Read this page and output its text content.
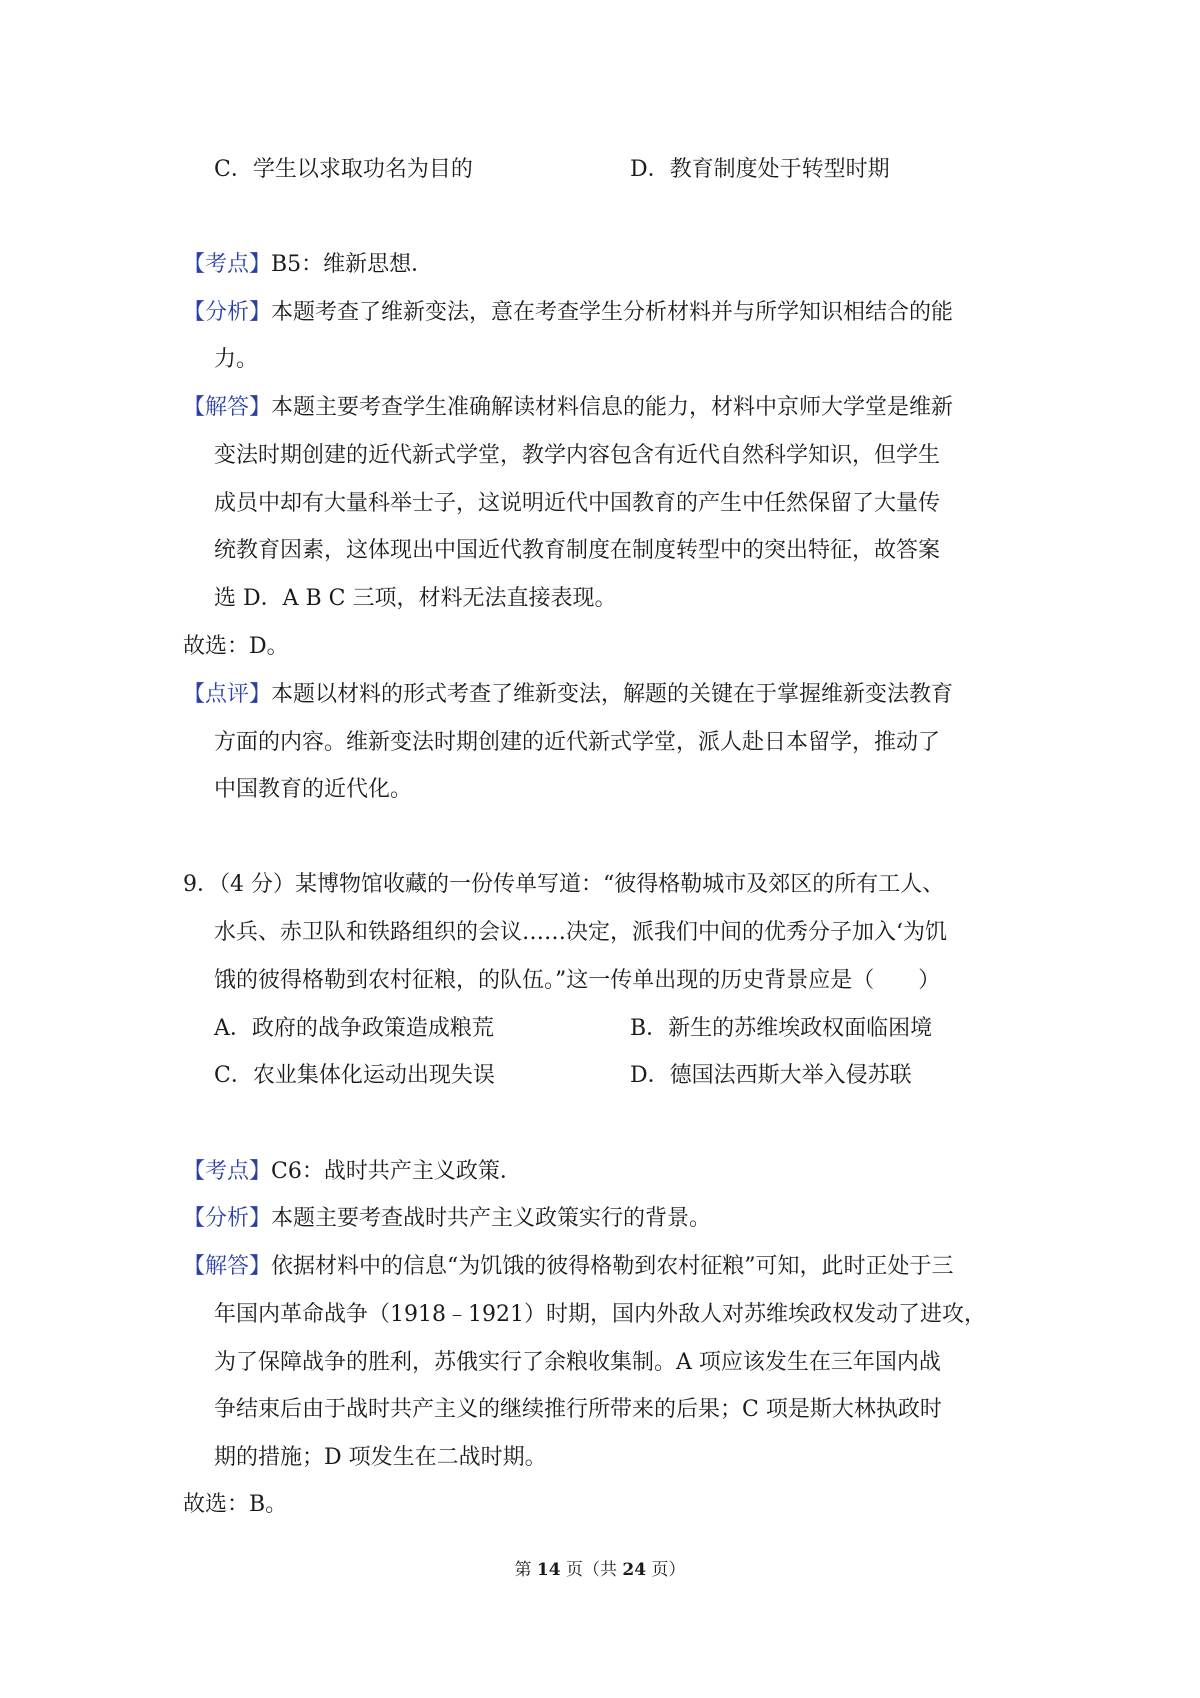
C．学生以求取功名为目的	D．教育制度处于转型时期
【考点】B5：维新思想．
【分析】本题考查了维新变法，意在考查学生分析材料并与所学知识相结合的能
力。
【解答】本题主要考查学生准确解读材料信息的能力，材料中京师大学堂是维新
变法时期创建的近代新式学堂，教学内容包含有近代自然科学知识，但学生
成员中却有大量科举士子，这说明近代中国教育的产生中任然保留了大量传
统教育因素，这体现出中国近代教育制度在制度转型中的突出特征，故答案
选 D．A B C 三项，材料无法直接表现。
故选：D。
【点评】本题以材料的形式考查了维新变法，解题的关键在于掌握维新变法教育
方面的内容。维新变法时期创建的近代新式学堂，派人赴日本留学，推动了
中国教育的近代化。
9．（4 分）某博物馆收藏的一份传单写道：“彼得格勒城市及郊区的所有工人、
水兵、赤卫队和铁路组织的会议……决定，派我们中间的优秀分子加入‘为饥
饿的彼得格勒到农村征粮，的队伍。”这一传单出现的历史背景应是（　　）
A．政府的战争政策造成粮荒	B．新生的苏维埃政权面临困境
C．农业集体化运动出现失误	D．德国法西斯大举入侵苏联
【考点】C6：战时共产主义政策．
【分析】本题主要考查战时共产主义政策实行的背景。
【解答】依据材料中的信息“为饥饿的彼得格勒到农村征粮”可知，此时正处于三
年国内革命战争（1918﹣1921）时期，国内外敌人对苏维埃政权发动了进攻，
为了保障战争的胜利，苏俄实行了余粮收集制。A 项应该发生在三年国内战
争结束后由于战时共产主义的继续推行所带来的后果；C 项是斯大林执政时
期的措施；D 项发生在二战时期。
故选：B。
第 14 页（共 24 页）
